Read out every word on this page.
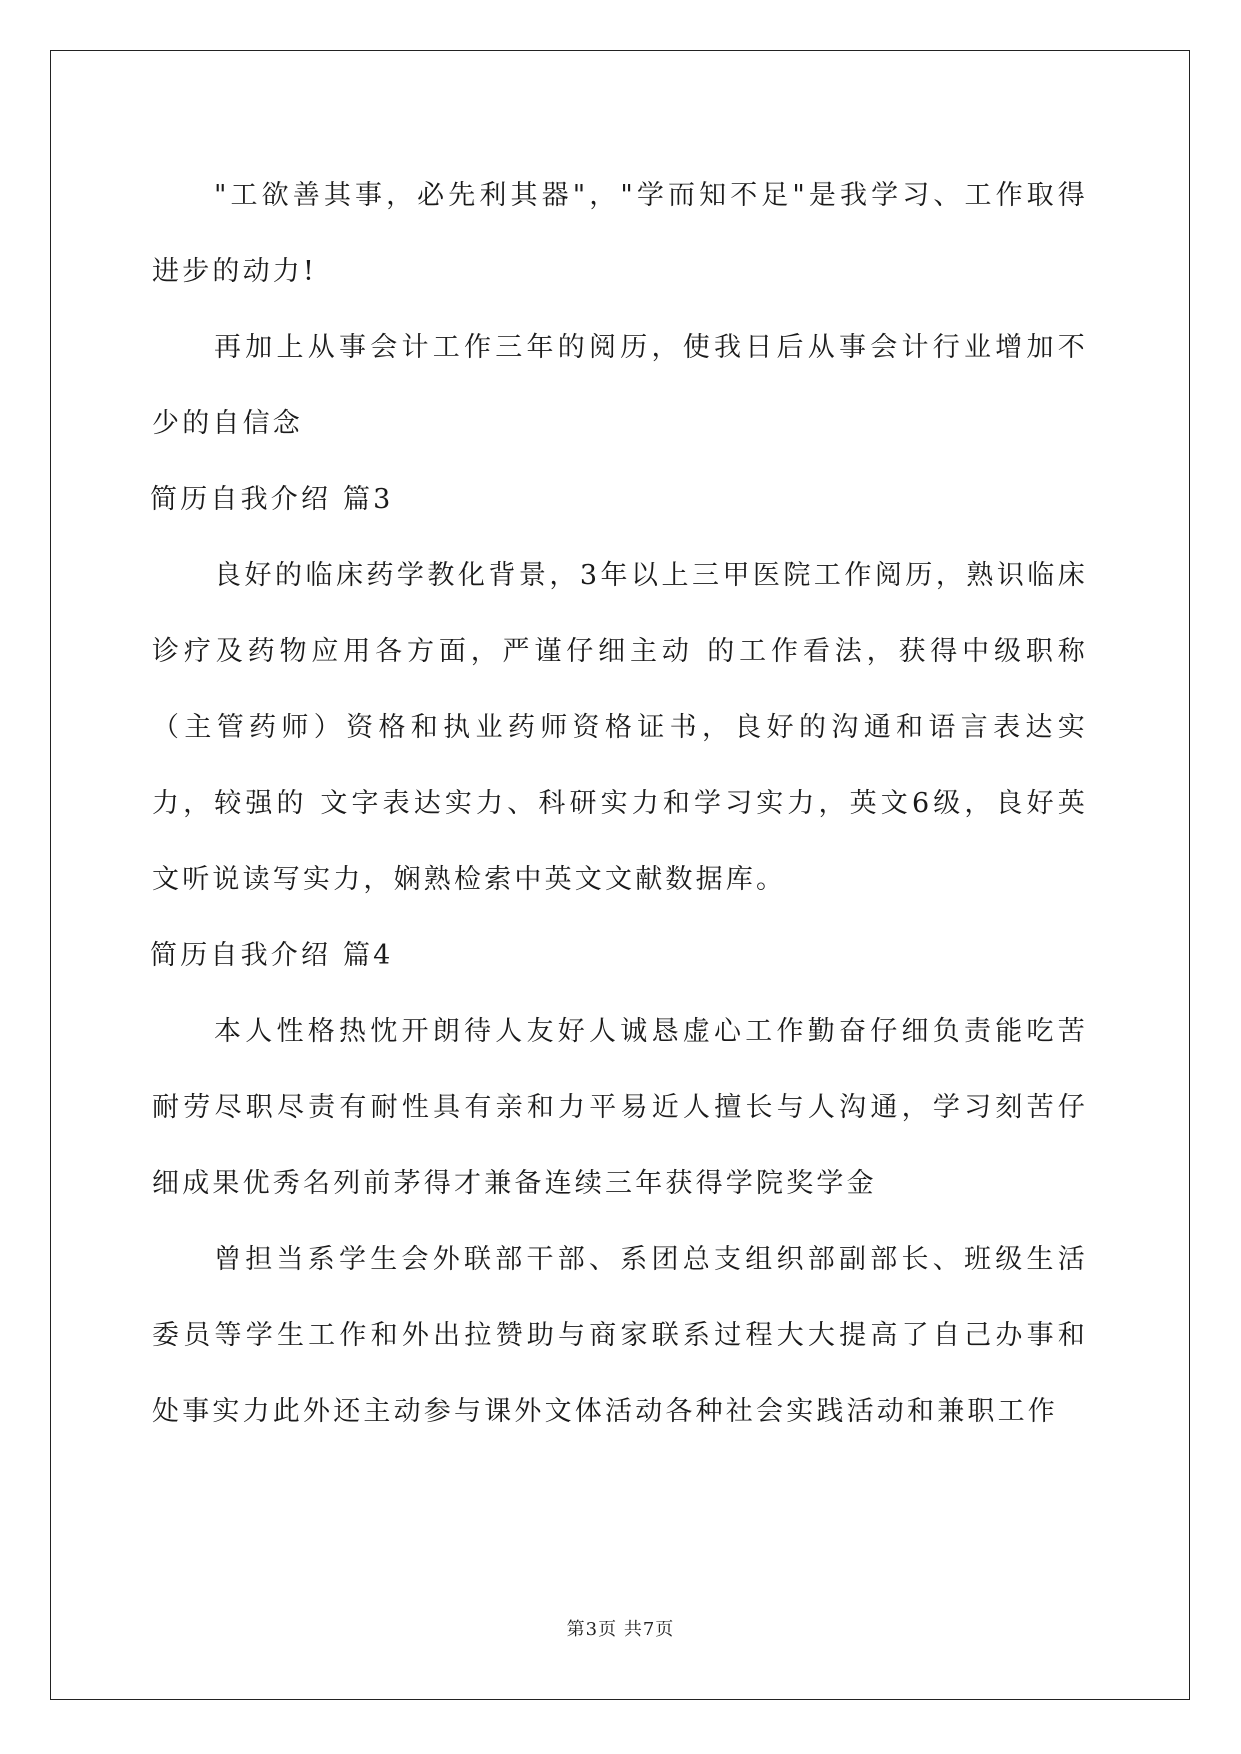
"工欲善其事，必先利其器"，"学而知不足"是我学习、工作取得进步的动力!

再加上从事会计工作三年的阅历，使我日后从事会计行业增加不少的自信念

简历自我介绍 篇3

良好的临床药学教化背景，3年以上三甲医院工作阅历，熟识临床诊疗及药物应用各方面，严谨仔细主动 的工作看法，获得中级职称（主管药师）资格和执业药师资格证书，良好的沟通和语言表达实力，较强的 文字表达实力、科研实力和学习实力，英文6级，良好英文听说读写实力，娴熟检索中英文文献数据库。

简历自我介绍 篇4

本人性格热忱开朗待人友好人诚恳虚心工作勤奋仔细负责能吃苦耐劳尽职尽责有耐性具有亲和力平易近人擅长与人沟通，学习刻苦仔细成果优秀名列前茅得才兼备连续三年获得学院奖学金

曾担当系学生会外联部干部、系团总支组织部副部长、班级生活委员等学生工作和外出拉赞助与商家联系过程大大提高了自己办事和处事实力此外还主动参与课外文体活动各种社会实践活动和兼职工作

第3页 共7页
